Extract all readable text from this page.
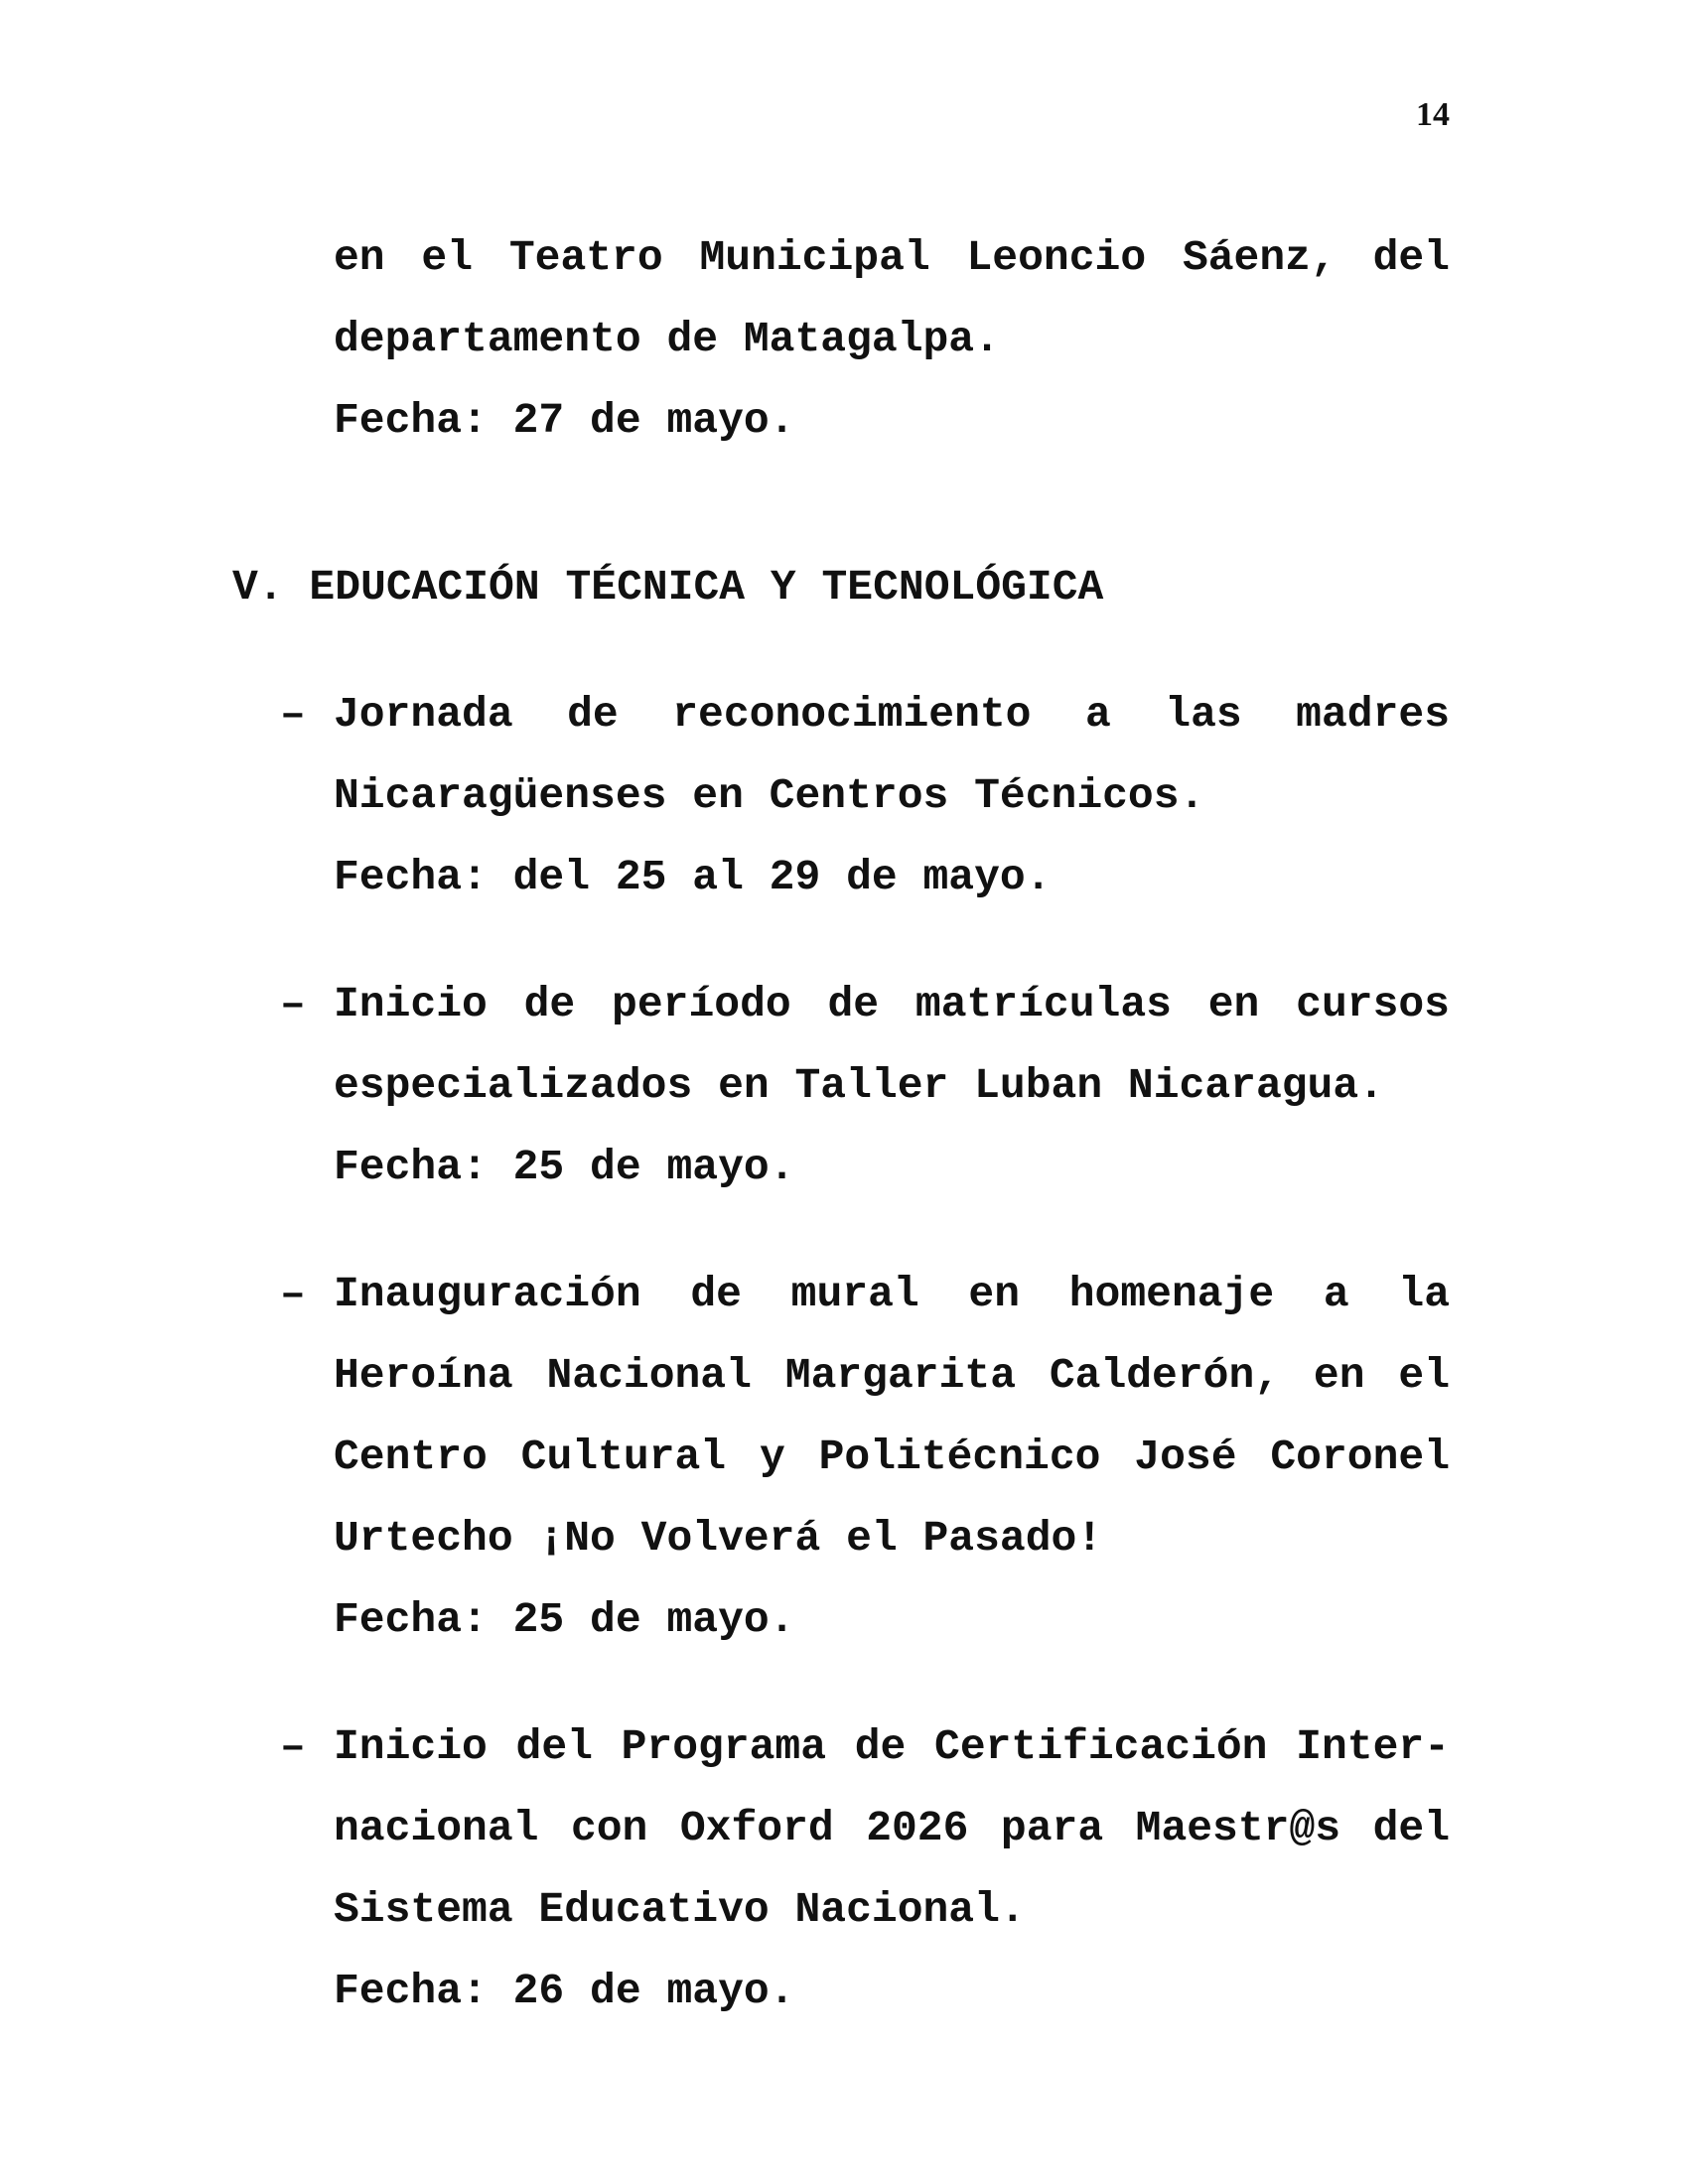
14
en el Teatro Municipal Leoncio Sáenz, del
departamento de Matagalpa.
Fecha: 27 de mayo.
V. EDUCACIÓN TÉCNICA Y TECNOLÓGICA
– Jornada de reconocimiento a las madres
Nicaragüenses en Centros Técnicos.
Fecha: del 25 al 29 de mayo.
– Inicio de período de matrículas en cursos
especializados en Taller Luban Nicaragua.
Fecha: 25 de mayo.
– Inauguración de mural en homenaje a la
Heroína Nacional Margarita Calderón, en el
Centro Cultural y Politécnico José Coronel
Urtecho ¡No Volverá el Pasado!
Fecha: 25 de mayo.
– Inicio del Programa de Certificación Inter-
nacional con Oxford 2026 para Maestr@s del
Sistema Educativo Nacional.
Fecha: 26 de mayo.
